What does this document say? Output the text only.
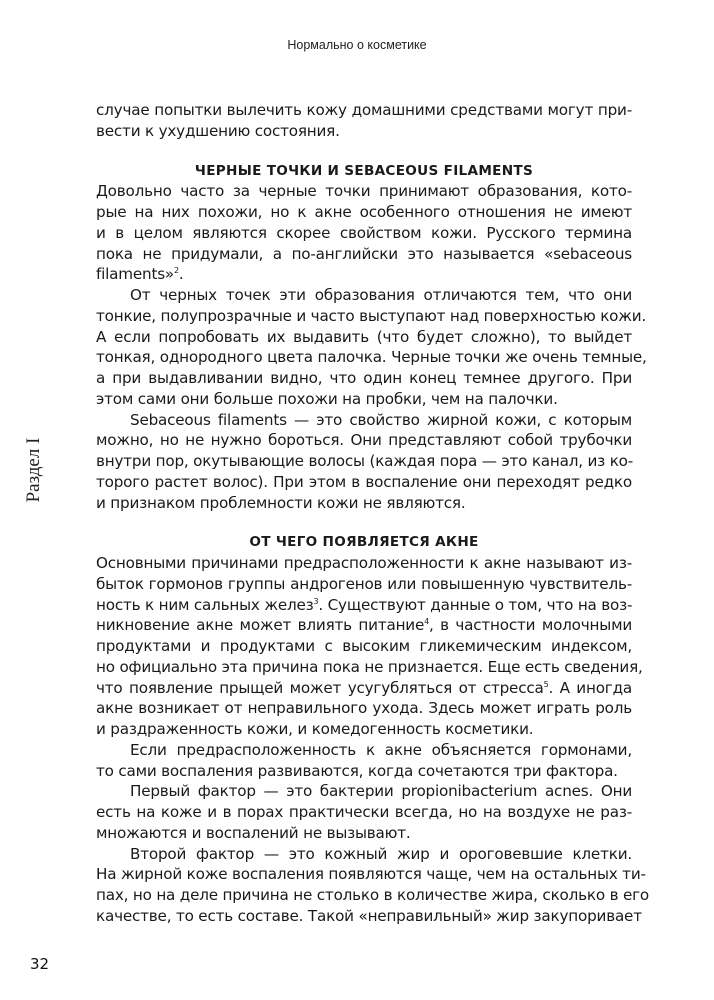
Нормально о косметике
Раздел I

случае попытки вылечить кожу домашними средствами могут при-
вести к ухудшению состояния.

ЧЕРНЫЕ ТОЧКИ И SEBACEOUS FILAMENTS

Довольно часто за черные точки принимают образования, кото-
рые на них похожи, но к акне особенного отношения не имеют
и в целом являются скорее свойством кожи. Русского термина
пока не придумали, а по-английски это называется «sebaceous
filaments»$^2$.

От черных точек эти образования отличаются тем, что они
тонкие, полупрозрачные и часто выступают над поверхностью кожи.
А если попробовать их выдавить (что будет сложно), то выйдет
тонкая, однородного цвета палочка. Черные точки же очень темные,
а при выдавливании видно, что один конец темнее другого. При
этом сами они больше похожи на пробки, чем на палочки.

Sebaceous filaments — это свойство жирной кожи, с которым
можно, но не нужно бороться. Они представляют собой трубочки
внутри пор, окутывающие волосы (каждая пора — это канал, из ко-
торого растет волос). При этом в воспаление они переходят редко
и признаком проблемности кожи не являются.

ОТ ЧЕГО ПОЯВЛЯЕТСЯ АКНЕ

Основными причинами предрасположенности к акне называют из-
быток гормонов группы андрогенов или повышенную чувствитель-
ность к ним сальных желез$^3$. Существуют данные о том, что на воз-
никновение акне может влиять питание$^4$, в частности молочными
продуктами и продуктами с высоким гликемическим индексом,
но официально эта причина пока не признается. Еще есть сведения,
что появление прыщей может усугубляться от стресса$^5$. А иногда
акне возникает от неправильного ухода. Здесь может играть роль
и раздраженность кожи, и комедогенность косметики.

Если предрасположенность к акне объясняется гормонами,
то сами воспаления развиваются, когда сочетаются три фактора.

Первый фактор — это бактерии propionibacterium acnes. Они
есть на коже и в порах практически всегда, но на воздухе не раз-
множаются и воспалений не вызывают.

Второй фактор — это кожный жир и ороговевшие клетки.
На жирной коже воспаления появляются чаще, чем на остальных ти-
пах, но на деле причина не столько в количестве жира, сколько в его
качестве, то есть составе. Такой «неправильный» жир закупоривает

32
